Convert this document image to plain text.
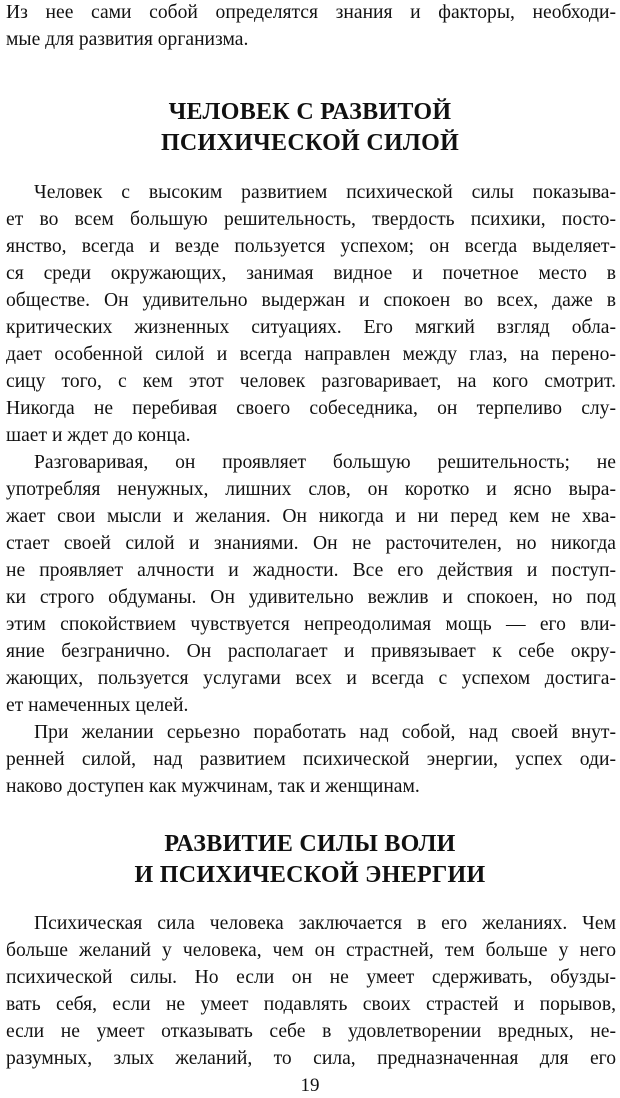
Из нее сами собой определятся знания и факторы, необходи-
мые для развития организма.
ЧЕЛОВЕК С РАЗВИТОЙ
ПСИХИЧЕСКОЙ СИЛОЙ
Человек с высоким развитием психической силы показыва-
ет во всем большую решительность, твердость психики, посто-
янство, всегда и везде пользуется успехом; он всегда выделяет-
ся среди окружающих, занимая видное и почетное место в
обществе. Он удивительно выдержан и спокоен во всех, даже в
критических жизненных ситуациях. Его мягкий взгляд обла-
дает особенной силой и всегда направлен между глаз, на перено-
сицу того, с кем этот человек разговаривает, на кого смотрит.
Никогда не перебивая своего собеседника, он терпеливо слу-
шает и ждет до конца.
Разговаривая, он проявляет большую решительность; не
употребляя ненужных, лишних слов, он коротко и ясно выра-
жает свои мысли и желания. Он никогда и ни перед кем не хва-
стает своей силой и знаниями. Он не расточителен, но никогда
не проявляет алчности и жадности. Все его действия и поступ-
ки строго обдуманы. Он удивительно вежлив и спокоен, но под
этим спокойствием чувствуется непреодолимая мощь — его вли-
яние безгранично. Он располагает и привязывает к себе окру-
жающих, пользуется услугами всех и всегда с успехом достига-
ет намеченных целей.
При желании серьезно поработать над собой, над своей внут-
ренней силой, над развитием психической энергии, успех оди-
наково доступен как мужчинам, так и женщинам.
РАЗВИТИЕ СИЛЫ ВОЛИ
И ПСИХИЧЕСКОЙ ЭНЕРГИИ
Психическая сила человека заключается в его желаниях. Чем
больше желаний у человека, чем он страстней, тем больше у него
психической силы. Но если он не умеет сдерживать, обузды-
вать себя, если не умеет подавлять своих страстей и порывов,
если не умеет отказывать себе в удовлетворении вредных, не-
разумных, злых желаний, то сила, предназначенная для его
19
